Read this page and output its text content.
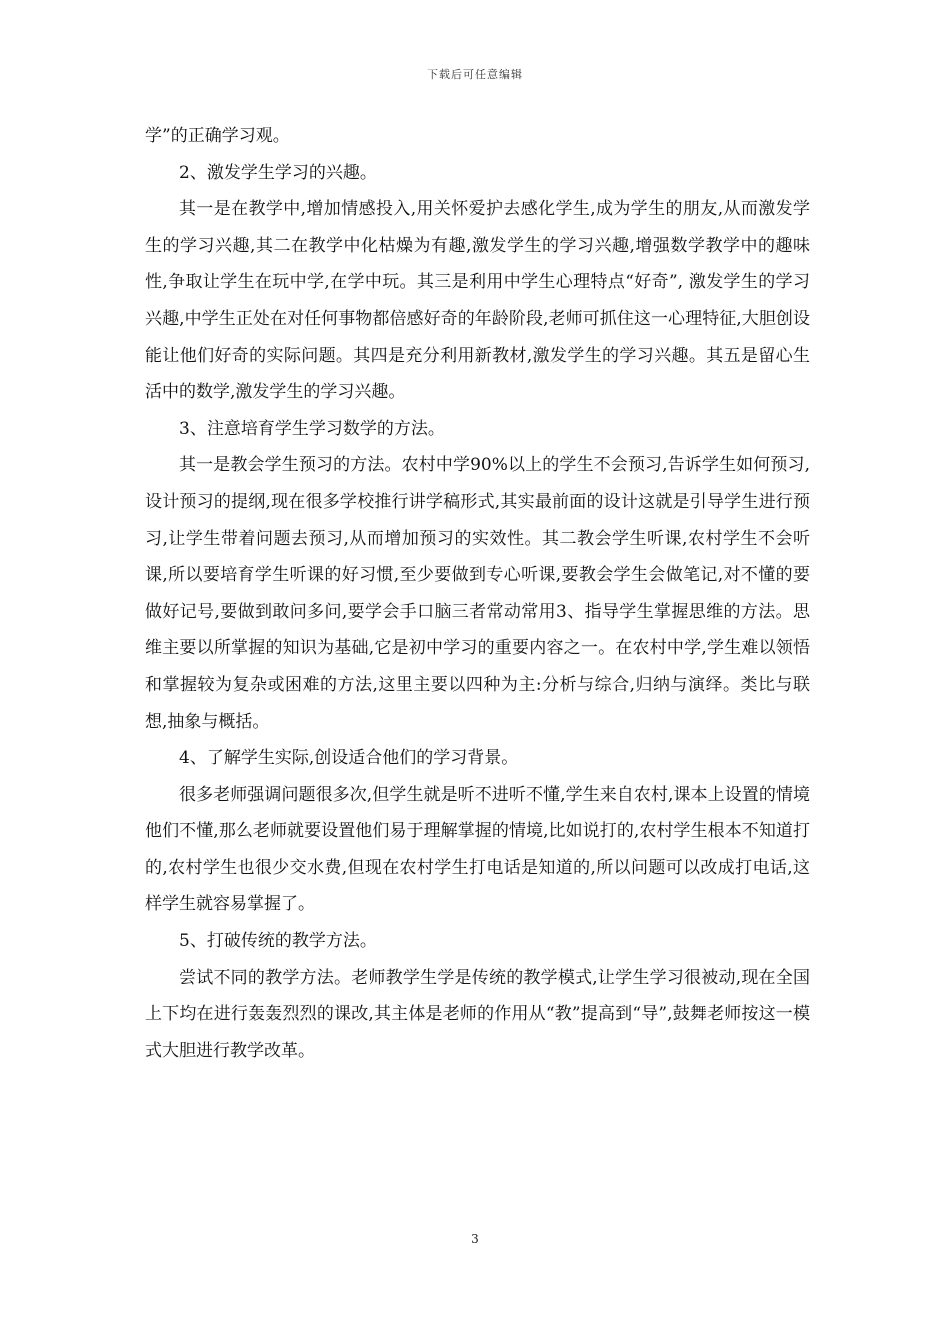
下载后可任意编辑

学”的正确学习观。

2、激发学生学习的兴趣。

其一是在教学中,增加情感投入,用关怀爱护去感化学生,成为学生的朋友,从而激发学生的学习兴趣,其二在教学中化枯燥为有趣,激发学生的学习兴趣,增强数学教学中的趣味性,争取让学生在玩中学,在学中玩。其三是利用中学生心理特点“好奇”, 激发学生的学习兴趣,中学生正处在对任何事物都倍感好奇的年龄阶段,老师可抓住这一心理特征,大胆创设能让他们好奇的实际问题。其四是充分利用新教材,激发学生的学习兴趣。其五是留心生活中的数学,激发学生的学习兴趣。

3、注意培育学生学习数学的方法。

其一是教会学生预习的方法。农村中学90%以上的学生不会预习,告诉学生如何预习,设计预习的提纲,现在很多学校推行讲学稿形式,其实最前面的设计这就是引导学生进行预习,让学生带着问题去预习,从而增加预习的实效性。其二教会学生听课,农村学生不会听课,所以要培育学生听课的好习惯,至少要做到专心听课,要教会学生会做笔记,对不懂的要做好记号,要做到敢问多问,要学会手口脑三者常动常用3、指导学生掌握思维的方法。思维主要以所掌握的知识为基础,它是初中学习的重要内容之一。在农村中学,学生难以领悟和掌握较为复杂或困难的方法,这里主要以四种为主:分析与综合,归纳与演绎。类比与联想,抽象与概括。

4、了解学生实际,创设适合他们的学习背景。

很多老师强调问题很多次,但学生就是听不进听不懂,学生来自农村,课本上设置的情境他们不懂,那么老师就要设置他们易于理解掌握的情境,比如说打的,农村学生根本不知道打的,农村学生也很少交水费,但现在农村学生打电话是知道的,所以问题可以改成打电话,这样学生就容易掌握了。

5、打破传统的教学方法。

尝试不同的教学方法。老师教学生学是传统的教学模式,让学生学习很被动,现在全国上下均在进行轰轰烈烈的课改,其主体是老师的作用从“教”提高到“导”,鼓舞老师按这一模式大胆进行教学改革。

3
